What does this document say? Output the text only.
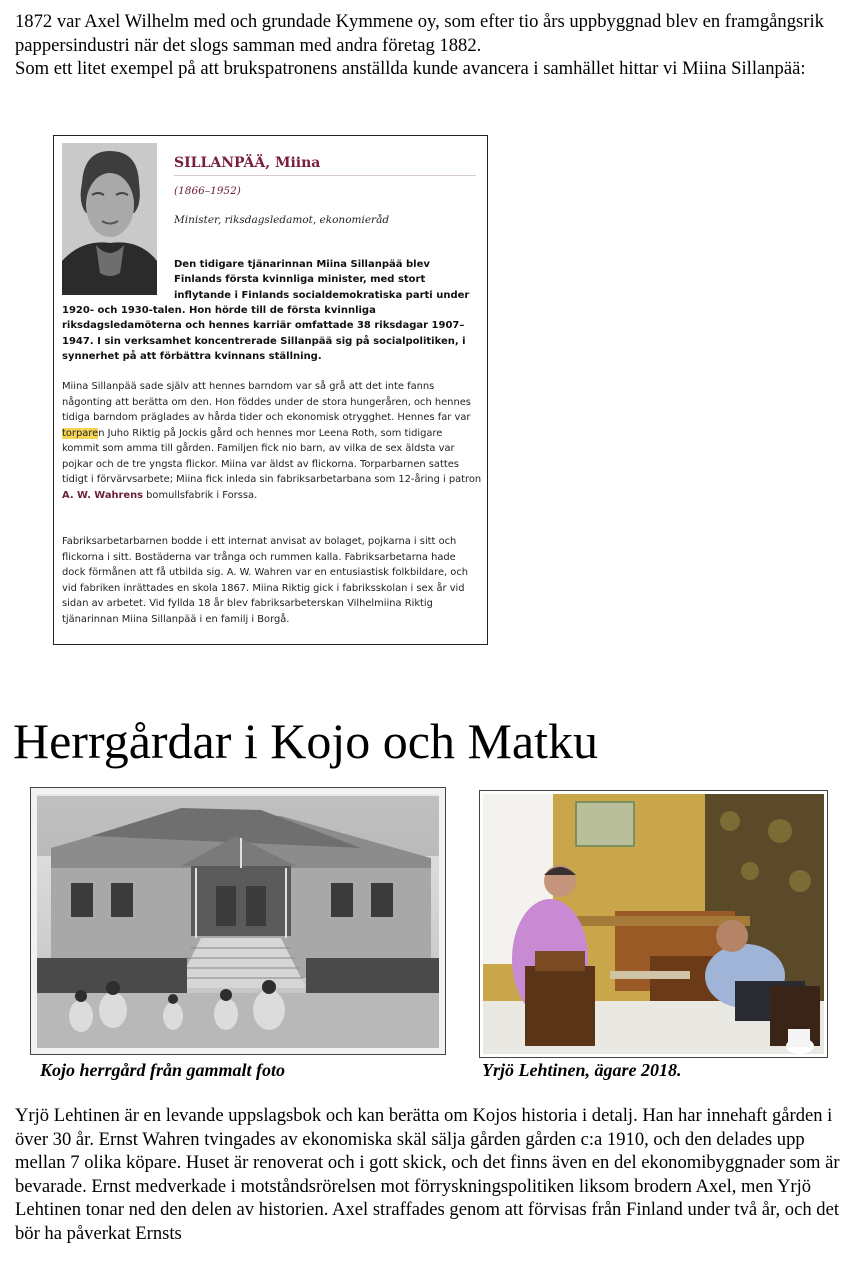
1872 var Axel Wilhelm med och grundade Kymmene oy, som efter tio års uppbyggnad blev en framgångsrik pappersindustri när det slogs samman med andra företag 1882.
Som ett litet exempel på att brukspatronens anställda kunde avancera i samhället hittar vi Miina Sillanpää:
SILLANPÄÄ, Miina
(1866–1952)
Minister, riksdagsledamot, ekonomieråd
Den tidigare tjänarinnan Miina Sillanpää blev Finlands första kvinnliga minister, med stort inflytande i Finlands socialdemokratiska parti under
1920- och 1930-talen. Hon hörde till de första kvinnliga riksdagsledamöterna och hennes karriär omfattade 38 riksdagar 1907–1947. I sin verksamhet koncentrerade Sillanpää sig på socialpolitiken, i synnerhet på att förbättra kvinnans ställning.

Miina Sillanpää sade själv att hennes barndom var så grå att det inte fanns någonting att berätta om den. Hon föddes under de stora hungeråren, och hennes tidiga barndom präglades av hårda tider och ekonomisk otrygghet. Hennes far var torparen Juho Riktig på Jockis gård och hennes mor Leena Roth, som tidigare kommit som amma till gården. Familjen fick nio barn, av vilka de sex äldsta var pojkar och de tre yngsta flickor. Miina var äldst av flickorna. Torparbarnen sattes tidigt i förvärvsarbete; Miina fick inleda sin fabriksarbetarbana som 12-åring i patron A. W. Wahrens bomullsfabrik i Forssa.

Fabriksarbetarbarnen bodde i ett internat anvisat av bolaget, pojkarna i sitt och flickorna i sitt. Bostäderna var trånga och rummen kalla. Fabriksarbetarna hade dock förmånen att få utbilda sig. A. W. Wahren var en entusiastisk folkbildare, och vid fabriken inrättades en skola 1867. Miina Riktig gick i fabriksskolan i sex år vid sidan av arbetet. Vid fyllda 18 år blev fabriksarbeterskan Vilhelmiina Riktig tjänarinnan Miina Sillanpää i en familj i Borgå.

Herrgårdar i Kojo och Matku

Kojo herrgård från gammalt foto	Yrjö Lehtinen, ägare 2018.

Yrjö Lehtinen är en levande uppslagsbok och kan berätta om Kojos historia i detalj. Han har innehaft gården i över 30 år. Ernst Wahren tvingades av ekonomiska skäl sälja gården gården c:a 1910, och den delades upp mellan 7 olika köpare. Huset är renoverat och i gott skick, och det finns även en del ekonomibyggnader som är bevarade. Ernst medverkade i motståndsrörelsen mot förryskningspolitiken liksom brodern Axel, men Yrjö Lehtinen tonar ned den delen av historien. Axel straffades genom att förvisas från Finland under två år, och det bör ha påverkat Ernsts
